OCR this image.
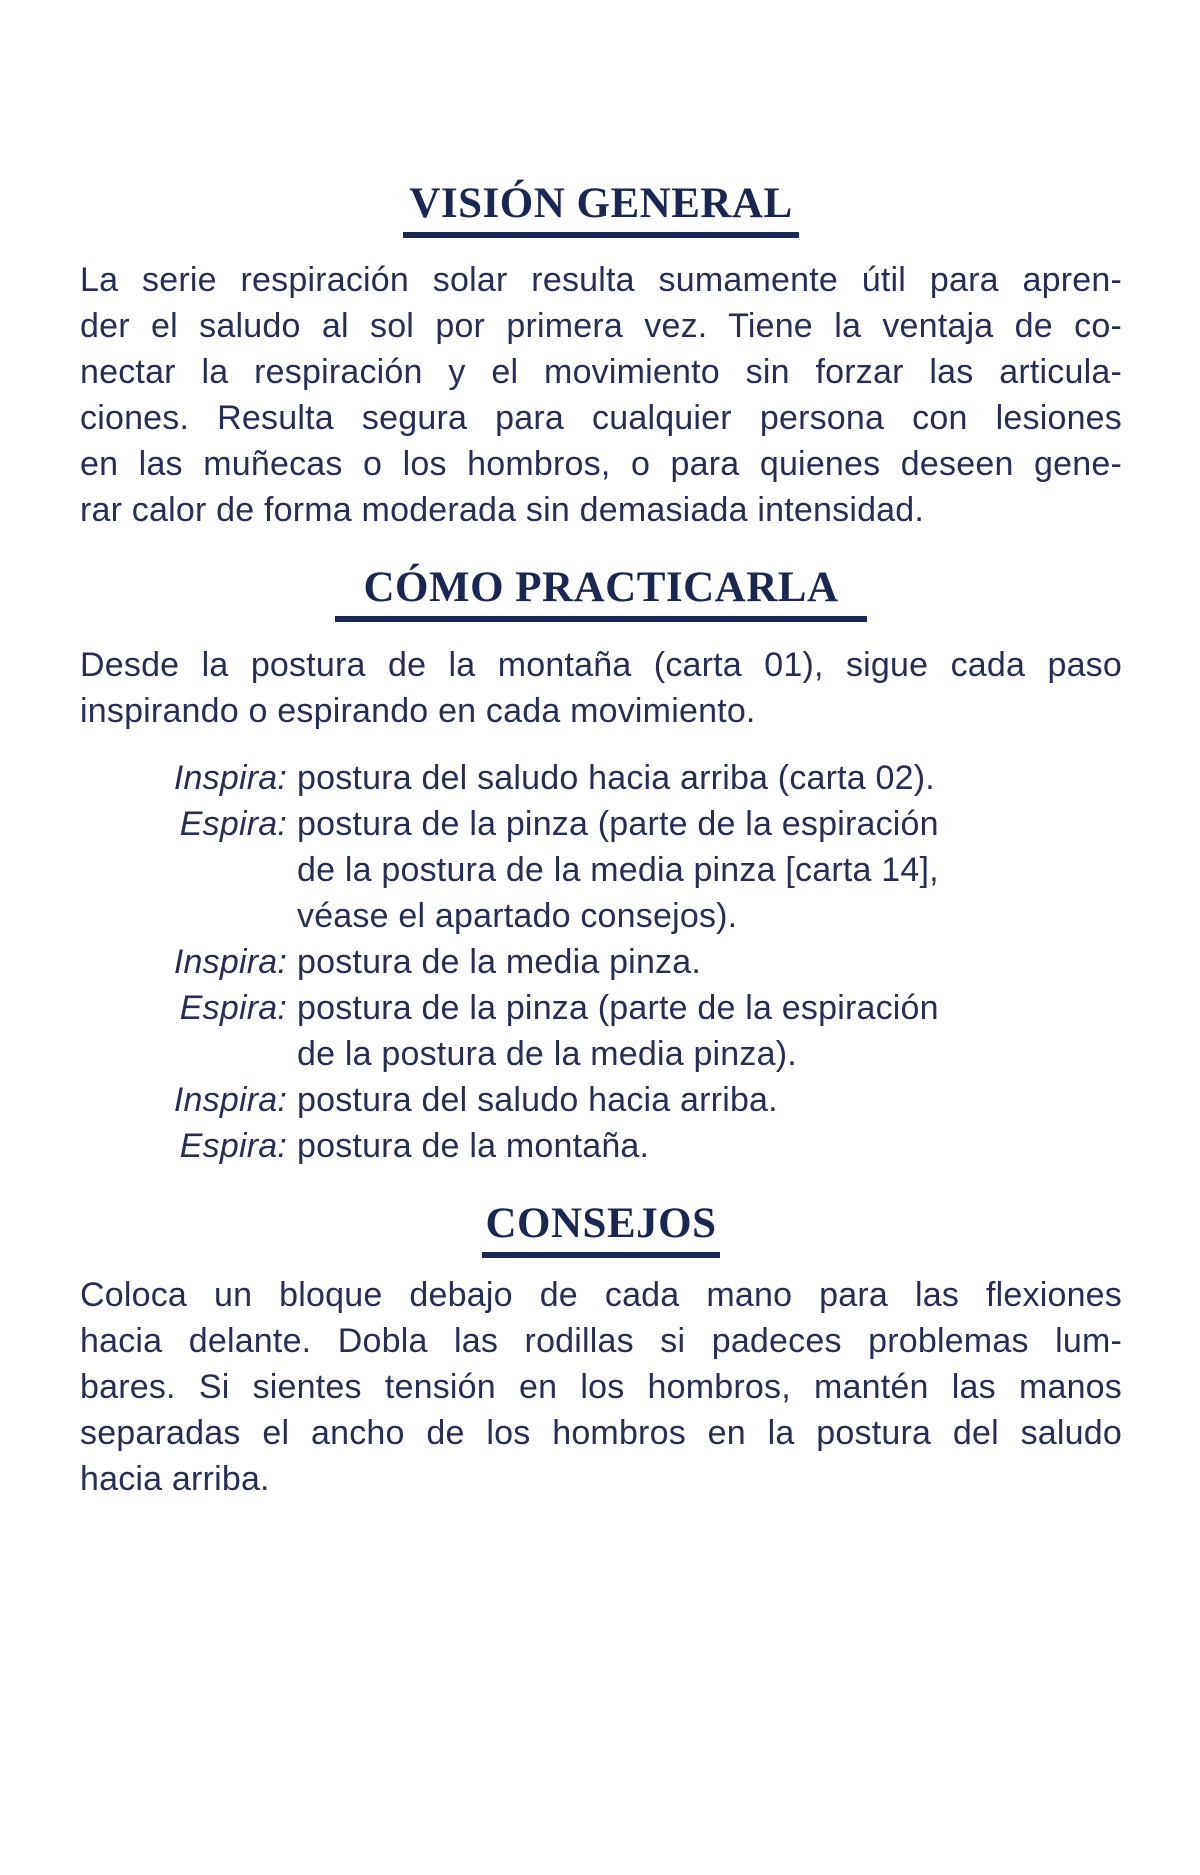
VISIÓN GENERAL
La serie respiración solar resulta sumamente útil para apren-
der el saludo al sol por primera vez. Tiene la ventaja de co-
nectar la respiración y el movimiento sin forzar las articula-
ciones. Resulta segura para cualquier persona con lesiones
en las muñecas o los hombros, o para quienes deseen gene-
rar calor de forma moderada sin demasiada intensidad.
CÓMO PRACTICARLA
Desde la postura de la montaña (carta 01), sigue cada paso
inspirando o espirando en cada movimiento.
Inspira: postura del saludo hacia arriba (carta 02).
Espira: postura de la pinza (parte de la espiración
de la postura de la media pinza [carta 14],
véase el apartado consejos).
Inspira: postura de la media pinza.
Espira: postura de la pinza (parte de la espiración
de la postura de la media pinza).
Inspira: postura del saludo hacia arriba.
Espira: postura de la montaña.
CONSEJOS
Coloca un bloque debajo de cada mano para las flexiones
hacia delante. Dobla las rodillas si padeces problemas lum-
bares. Si sientes tensión en los hombros, mantén las manos
separadas el ancho de los hombros en la postura del saludo
hacia arriba.
